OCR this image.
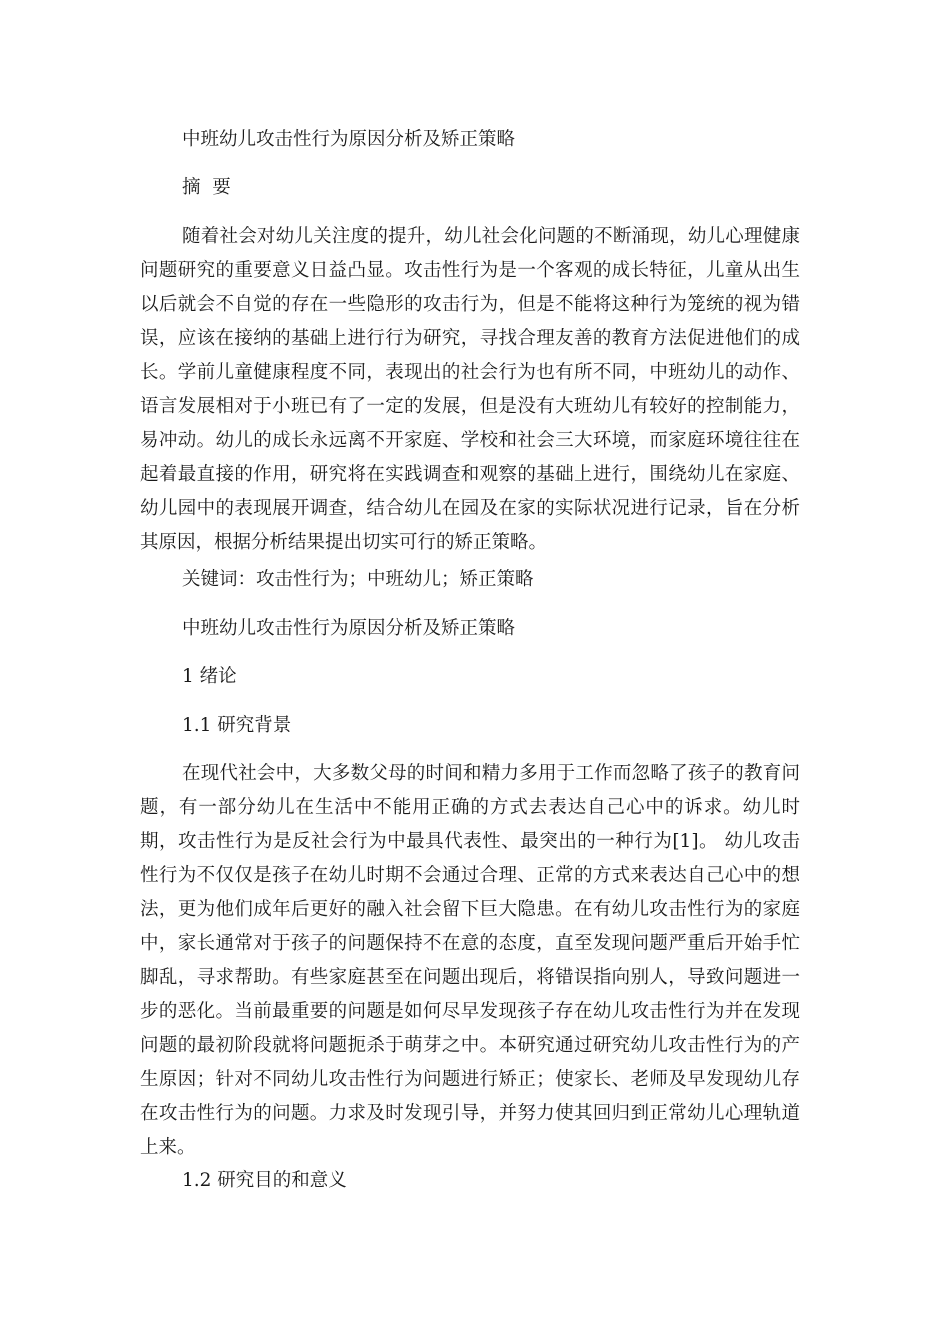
中班幼儿攻击性行为原因分析及矫正策略
摘  要

随着社会对幼儿关注度的提升，幼儿社会化问题的不断涌现，幼儿心理健康问题研究的重要意义日益凸显。攻击性行为是一个客观的成长特征，儿童从出生以后就会不自觉的存在一些隐形的攻击行为，但是不能将这种行为笼统的视为错误，应该在接纳的基础上进行行为研究，寻找合理友善的教育方法促进他们的成长。学前儿童健康程度不同，表现出的社会行为也有所不同，中班幼儿的动作、语言发展相对于小班已有了一定的发展，但是没有大班幼儿有较好的控制能力，易冲动。幼儿的成长永远离不开家庭、学校和社会三大环境，而家庭环境往往在起着最直接的作用，研究将在实践调查和观察的基础上进行，围绕幼儿在家庭、幼儿园中的表现展开调查，结合幼儿在园及在家的实际状况进行记录，旨在分析其原因，根据分析结果提出切实可行的矫正策略。

关键词：攻击性行为；中班幼儿；矫正策略
中班幼儿攻击性行为原因分析及矫正策略
1 绪论
1.1 研究背景

在现代社会中，大多数父母的时间和精力多用于工作而忽略了孩子的教育问题，有一部分幼儿在生活中不能用正确的方式去表达自己心中的诉求。幼儿时期，攻击性行为是反社会行为中最具代表性、最突出的一种行为[1]。 幼儿攻击性行为不仅仅是孩子在幼儿时期不会通过合理、正常的方式来表达自己心中的想法，更为他们成年后更好的融入社会留下巨大隐患。在有幼儿攻击性行为的家庭中，家长通常对于孩子的问题保持不在意的态度，直至发现问题严重后开始手忙脚乱，寻求帮助。有些家庭甚至在问题出现后，将错误指向别人，导致问题进一步的恶化。当前最重要的问题是如何尽早发现孩子存在幼儿攻击性行为并在发现问题的最初阶段就将问题扼杀于萌芽之中。本研究通过研究幼儿攻击性行为的产生原因；针对不同幼儿攻击性行为问题进行矫正；使家长、老师及早发现幼儿存在攻击性行为的问题。力求及时发现引导，并努力使其回归到正常幼儿心理轨道上来。

1.2 研究目的和意义
